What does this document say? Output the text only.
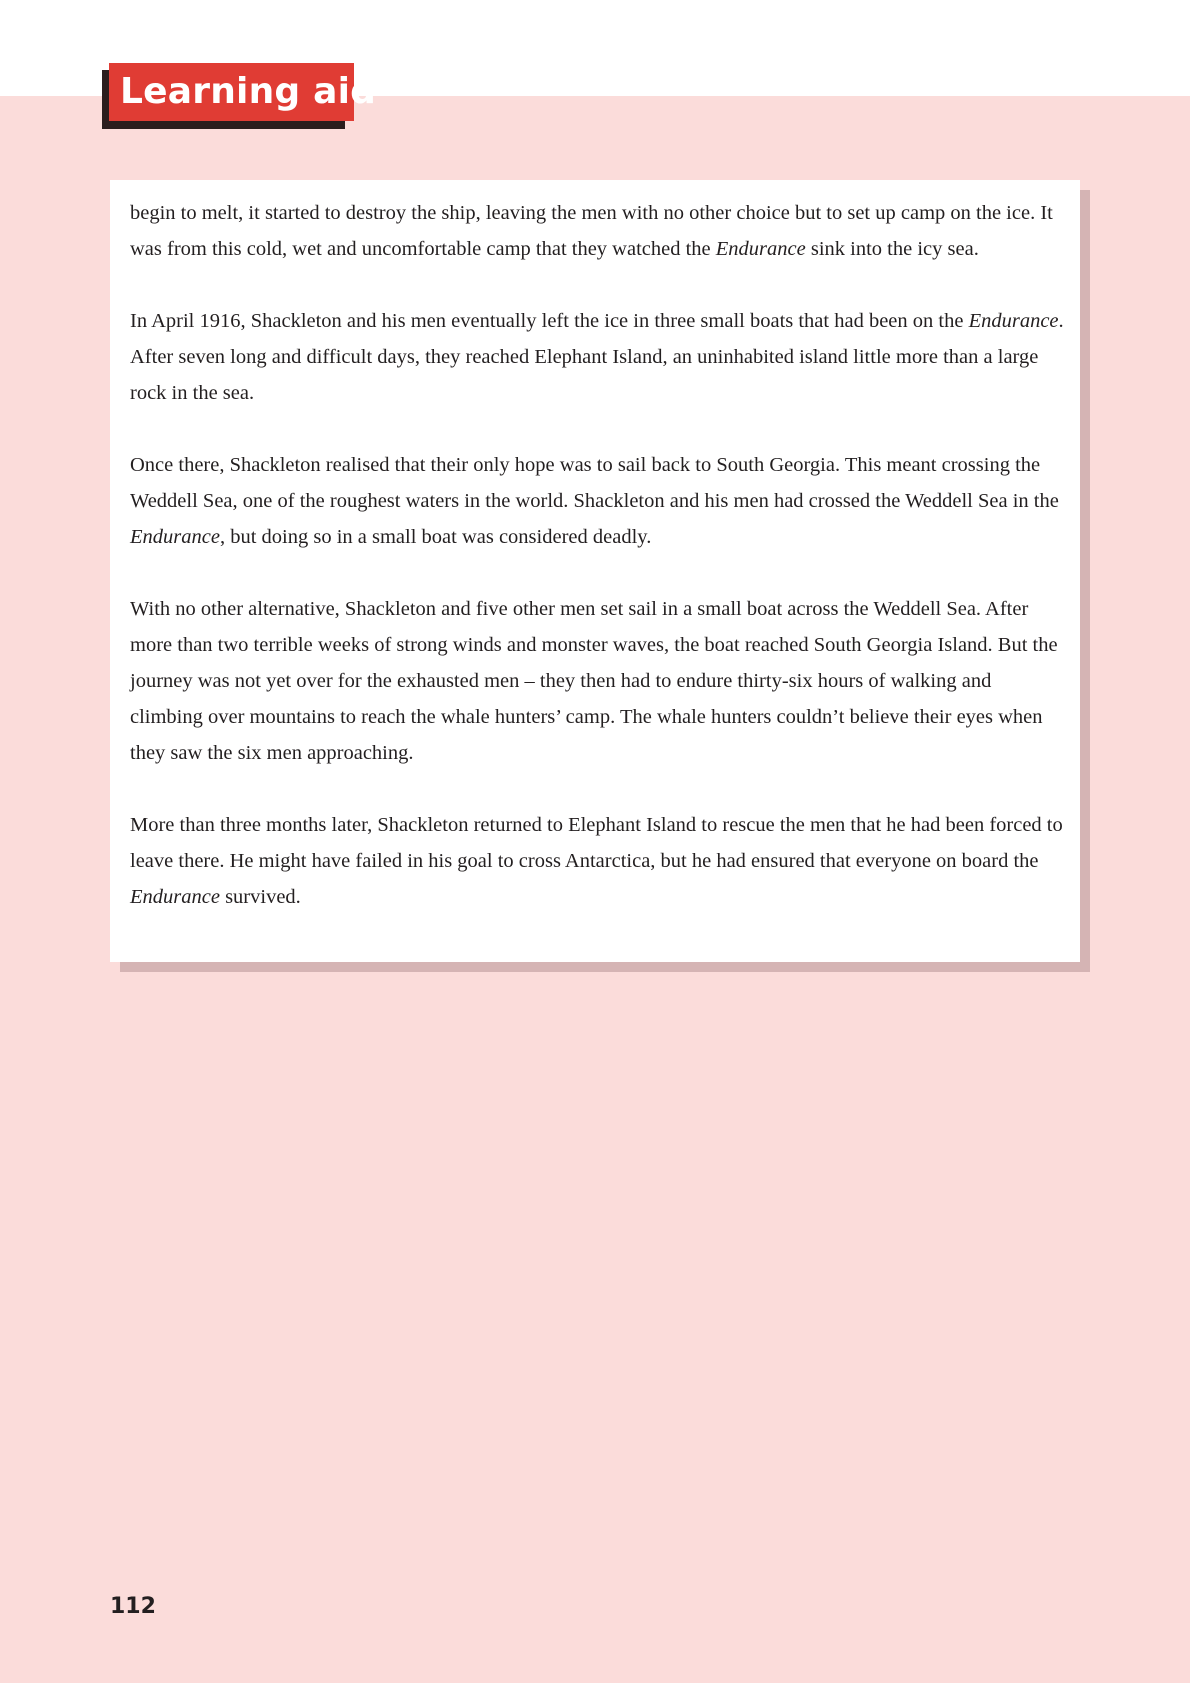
Learning aid

begin to melt, it started to destroy the ship, leaving the men with no other choice but to set up camp on the ice. It was from this cold, wet and uncomfortable camp that they watched the Endurance sink into the icy sea.

In April 1916, Shackleton and his men eventually left the ice in three small boats that had been on the Endurance. After seven long and difficult days, they reached Elephant Island, an uninhabited island little more than a large rock in the sea.

Once there, Shackleton realised that their only hope was to sail back to South Georgia. This meant crossing the Weddell Sea, one of the roughest waters in the world. Shackleton and his men had crossed the Weddell Sea in the Endurance, but doing so in a small boat was considered deadly.

With no other alternative, Shackleton and five other men set sail in a small boat across the Weddell Sea. After more than two terrible weeks of strong winds and monster waves, the boat reached South Georgia Island. But the journey was not yet over for the exhausted men – they then had to endure thirty-six hours of walking and climbing over mountains to reach the whale hunters’ camp. The whale hunters couldn’t believe their eyes when they saw the six men approaching.

More than three months later, Shackleton returned to Elephant Island to rescue the men that he had been forced to leave there. He might have failed in his goal to cross Antarctica, but he had ensured that everyone on board the Endurance survived.

112
